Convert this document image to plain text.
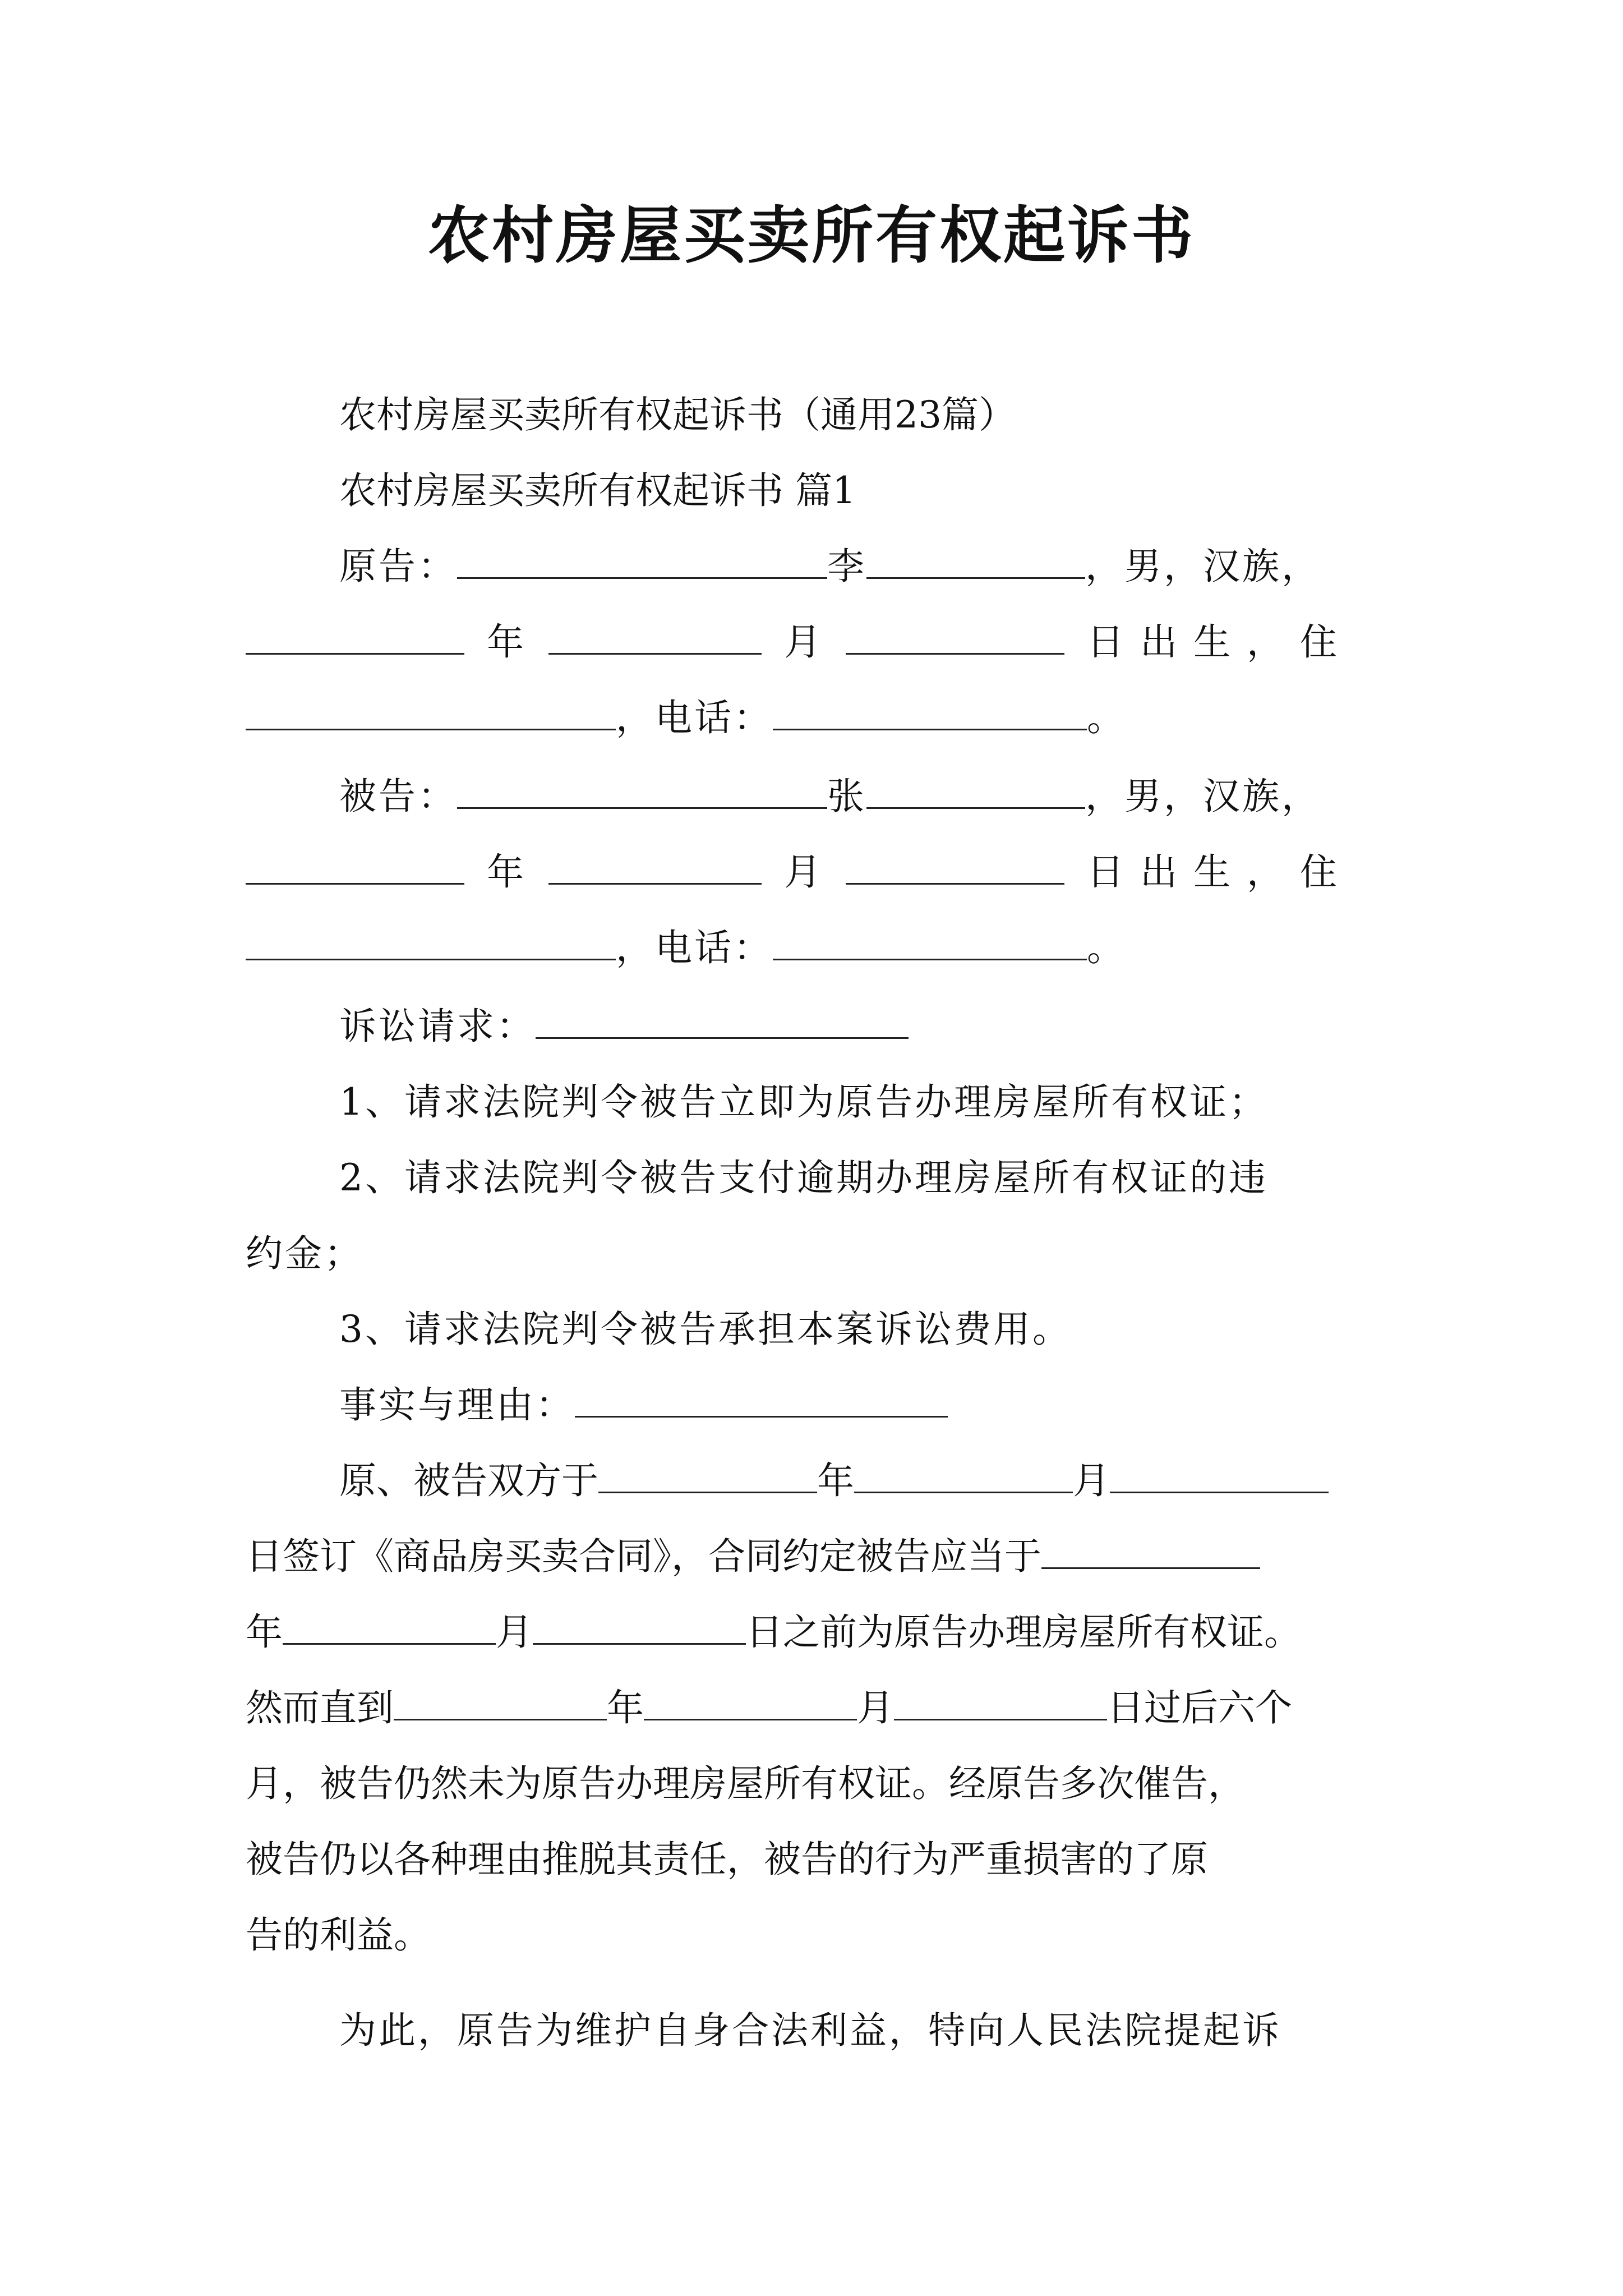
农村房屋买卖所有权起诉书
农村房屋买卖所有权起诉书（通用23篇）
农村房屋买卖所有权起诉书 篇1
原告：	李	，男，汉族，
年	月	日 出 生 ， 住
，电话：	。
被告：	张	，男，汉族，
年	月	日 出 生 ， 住
，电话：	。
诉讼请求：
1、请求法院判令被告立即为原告办理房屋所有权证；
2、请求法院判令被告支付逾期办理房屋所有权证的违
约金；
3、请求法院判令被告承担本案诉讼费用。
事实与理由：
原、被告双方于	年	月
日签订《商品房买卖合同》，合同约定被告应当于
年	月	日之前为原告办理房屋所有权证。
然而直到	年	月	日过后六个
月，被告仍然未为原告办理房屋所有权证。经原告多次催告，
被告仍以各种理由推脱其责任，被告的行为严重损害的了原
告的利益。
为此，原告为维护自身合法利益，特向人民法院提起诉
